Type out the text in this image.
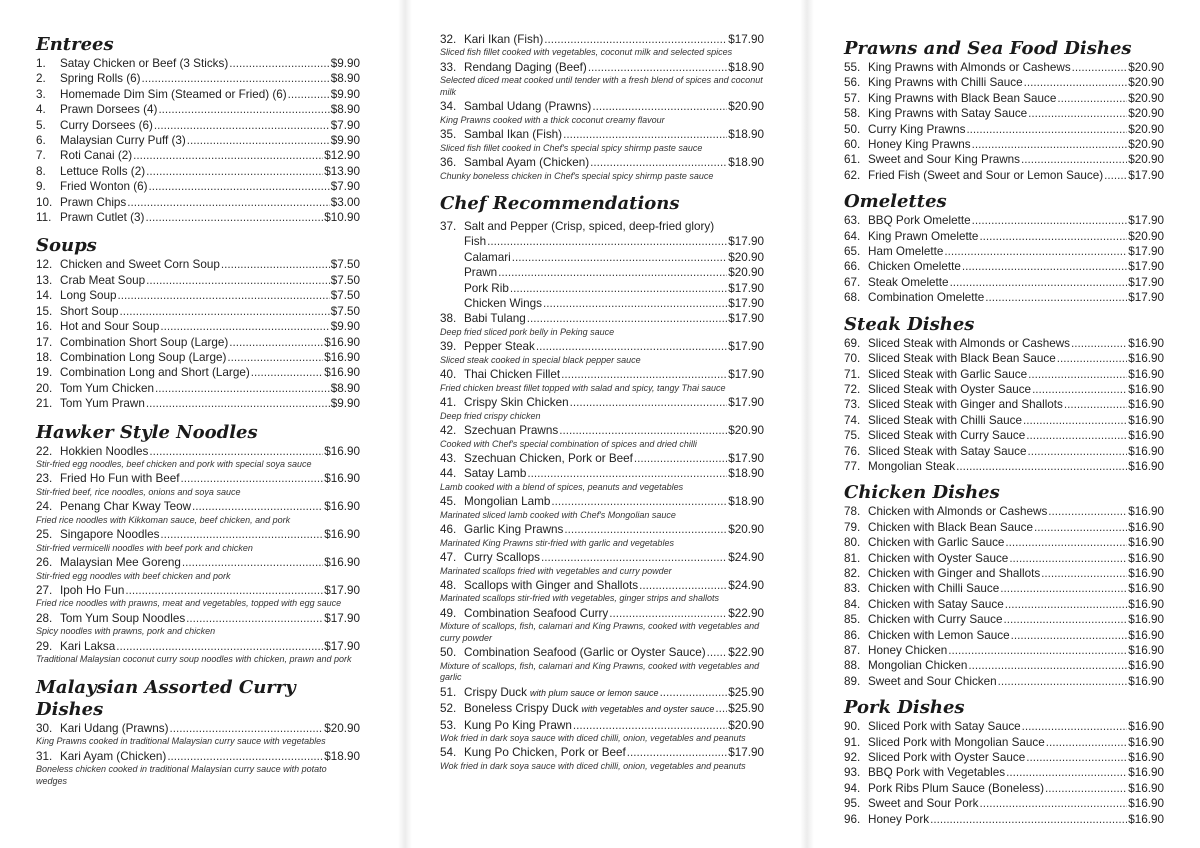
Entrees
1.	Satay Chicken or Beef (3 Sticks) .....	$9.90
2.	Spring Rolls (6) .....	$8.90
3.	Homemade Dim Sim (Steamed or Fried) (6) .....	$9.90
4.	Prawn Dorsees (4) .....	$8.90
5.	Curry Dorsees (6) .....	$7.90
6.	Malaysian Curry Puff (3) .....	$9.90
7.	Roti Canai (2) .....	$12.90
8.	Lettuce Rolls (2) .....	$13.90
9.	Fried Wonton (6) .....	$7.90
10. Prawn Chips .....	$3.00
11. Prawn Cutlet (3) .....	$10.90
Soups
12. Chicken and Sweet Corn Soup .....	$7.50
13. Crab Meat Soup .....	$7.50
14. Long Soup .....	$7.50
15. Short Soup .....	$7.50
16. Hot and Sour Soup .....	$9.90
17. Combination Short Soup (Large) .....	$16.90
18. Combination Long Soup (Large) .....	$16.90
19. Combination Long and Short (Large) .....	$16.90
20. Tom Yum Chicken .....	$8.90
21. Tom Yum Prawn .....	$9.90
Hawker Style Noodles
22. Hokkien Noodles .....	$16.90
Stir-fried egg noodles, beef chicken and pork with special soya sauce
23. Fried Ho Fun with Beef .....	$16.90
Stir-fried beef, rice noodles, onions and soya sauce
24. Penang Char Kway Teow .....	$16.90
Fried rice noodles with Kikkoman sauce, beef chicken, and pork
25. Singapore Noodles .....	$16.90
Stir-fried vermicelli noodles with beef pork and chicken
26. Malaysian Mee Goreng .....	$16.90
Stir-fried egg noodles with beef chicken and pork
27. Ipoh Ho Fun .....	$17.90
Fried rice noodles with prawns, meat and vegetables, topped with egg sauce
28. Tom Yum Soup Noodles .....	$17.90
Spicy noodles with prawns, pork and chicken
29. Kari Laksa .....	$17.90
Traditional Malaysian coconut curry soup noodles with chicken, prawn and pork
Malaysian Assorted Curry Dishes
30. Kari Udang (Prawns) .....	$20.90
King Prawns cooked in traditional Malaysian curry sauce with vegetables
31. Kari Ayam (Chicken) .....	$18.90
Boneless chicken cooked in traditional Malaysian curry sauce with potato wedges
32. Kari Ikan (Fish) .....	$17.90
Sliced fish fillet cooked with vegetables, coconut milk and selected spices
33. Rendang Daging (Beef) .....	$18.90
Selected diced meat cooked until tender with a fresh blend of spices and coconut milk
34. Sambal Udang (Prawns) .....	$20.90
King Prawns cooked with a thick coconut creamy flavour
35. Sambal Ikan (Fish) .....	$18.90
Sliced fish fillet cooked in Chef's special spicy shirmp paste sauce
36. Sambal Ayam (Chicken) .....	$18.90
Chunky boneless chicken in Chef's special spicy shirmp paste sauce
Chef Recommendations
37. Salt and Pepper (Crisp, spiced, deep-fried glory)
Fish .....	$17.90
Calamari .....	$20.90
Prawn .....	$20.90
Pork Rib .....	$17.90
Chicken Wings .....	$17.90
38. Babi Tulang .....	$17.90
Deep fried sliced pork belly in Peking sauce
39. Pepper Steak .....	$17.90
Sliced steak cooked in special black pepper sauce
40. Thai Chicken Fillet .....	$17.90
Fried chicken breast fillet topped with salad and spicy, tangy Thai sauce
41. Crispy Skin Chicken .....	$17.90
Deep fried crispy chicken
42. Szechuan Prawns .....	$20.90
Cooked with Chef's special combination of spices and dried chilli
43. Szechuan Chicken, Pork or Beef .....	$17.90
44. Satay Lamb .....	$18.90
Lamb cooked with a blend of spices, peanuts and vegetables
45. Mongolian Lamb .....	$18.90
Marinated sliced lamb cooked with Chef's Mongolian sauce
46. Garlic King Prawns .....	$20.90
Marinated King Prawns stir-fried with garlic and vegetables
47. Curry Scallops .....	$24.90
Marinated scallops fried with vegetables and curry powder
48. Scallops with Ginger and Shallots .....	$24.90
Marinated scallops stir-fried with vegetables, ginger strips and shallots
49. Combination Seafood Curry .....	$22.90
Mixture of scallops, fish, calamari and King Prawns, cooked with vegetables and curry powder
50. Combination Seafood (Garlic or Oyster Sauce) ..... $22.90
Mixture of scallops, fish, calamari and King Prawns, cooked with vegetables and garlic
51. Crispy Duck with plum sauce or lemon sauce .....	$25.90
52. Boneless Crispy Duck with vegetables and oyster sauce ..... $25.90
53. Kung Po King Prawn .....	$20.90
Wok fried in dark soya sauce with diced chilli, onion, vegetables and peanuts
54. Kung Po Chicken, Pork or Beef .....	$17.90
Wok fried in dark soya sauce with diced chilli, onion, vegetables and peanuts
Prawns and Sea Food Dishes
55. King Prawns with Almonds or Cashews .....	$20.90
56. King Prawns with Chilli Sauce .....	$20.90
57. King Prawns with Black Bean Sauce .....	$20.90
58. King Prawns with Satay Sauce .....	$20.90
50. Curry King Prawns .....	$20.90
60. Honey King Prawns .....	$20.90
61. Sweet and Sour King Prawns .....	$20.90
62. Fried Fish (Sweet and Sour or Lemon Sauce) ..... $17.90
Omelettes
63. BBQ Pork Omelette .....	$17.90
64. King Prawn Omelette .....	$20.90
65. Ham Omelette .....	$17.90
66. Chicken Omelette .....	$17.90
67. Steak Omelette .....	$17.90
68. Combination Omelette .....	$17.90
Steak Dishes
69. Sliced Steak with Almonds or Cashews .....	$16.90
70. Sliced Steak with Black Bean Sauce .....	$16.90
71. Sliced Steak with Garlic Sauce .....	$16.90
72. Sliced Steak with Oyster Sauce .....	$16.90
73. Sliced Steak with Ginger and Shallots .....	$16.90
74. Sliced Steak with Chilli Sauce .....	$16.90
75. Sliced Steak with Curry Sauce .....	$16.90
76. Sliced Steak with Satay Sauce .....	$16.90
77. Mongolian Steak .....	$16.90
Chicken Dishes
78. Chicken with Almonds or Cashews .....	$16.90
79. Chicken with Black Bean Sauce .....	$16.90
80. Chicken with Garlic Sauce .....	$16.90
81. Chicken with Oyster Sauce .....	$16.90
82. Chicken with Ginger and Shallots .....	$16.90
83. Chicken with Chilli Sauce .....	$16.90
84. Chicken with Satay Sauce .....	$16.90
85. Chicken with Curry Sauce .....	$16.90
86. Chicken with Lemon Sauce .....	$16.90
87. Honey Chicken .....	$16.90
88. Mongolian Chicken .....	$16.90
89. Sweet and Sour Chicken .....	$16.90
Pork Dishes
90. Sliced Pork with Satay Sauce .....	$16.90
91. Sliced Pork with Mongolian Sauce .....	$16.90
92. Sliced Pork with Oyster Sauce .....	$16.90
93. BBQ Pork with Vegetables .....	$16.90
94. Pork Ribs Plum Sauce (Boneless) .....	$16.90
95. Sweet and Sour Pork .....	$16.90
96. Honey Pork .....	$16.90
